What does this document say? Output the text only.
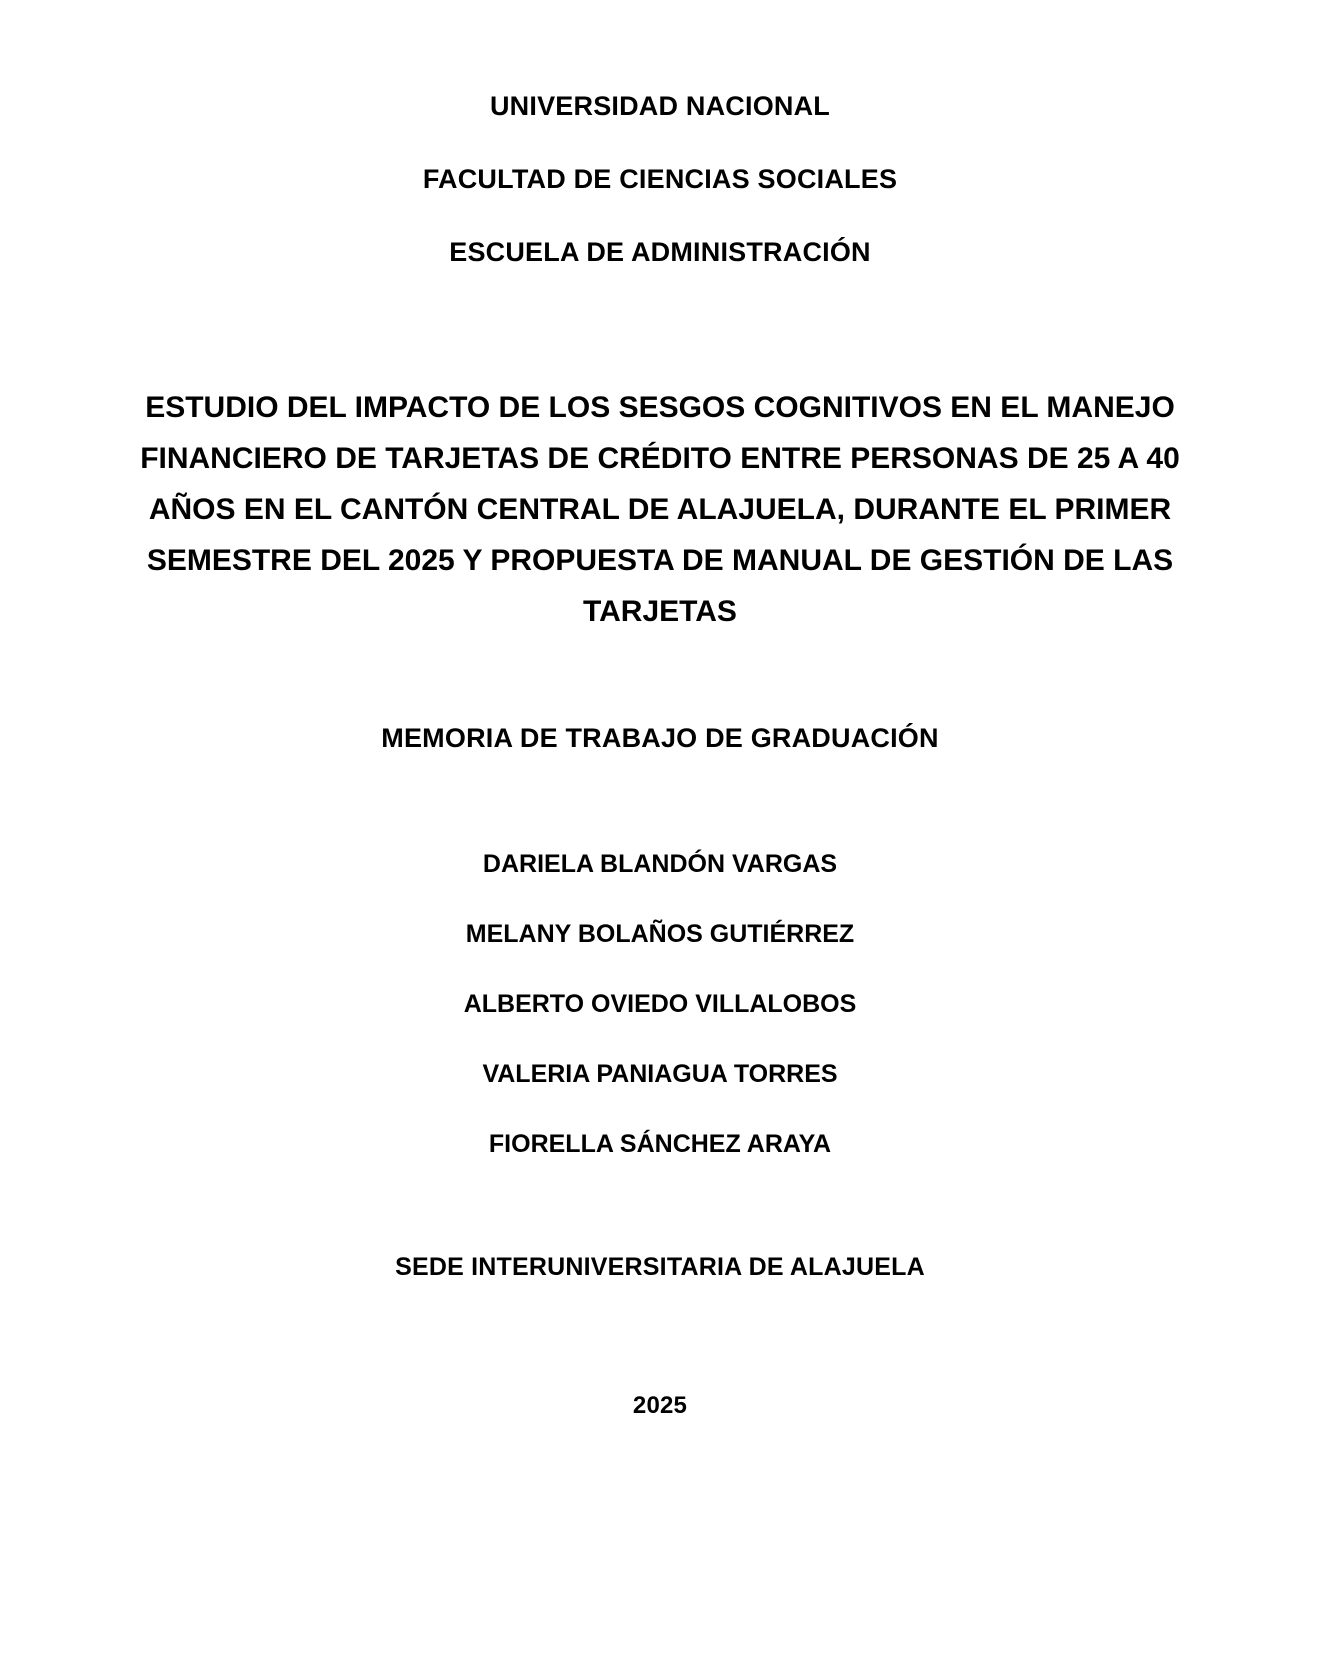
UNIVERSIDAD NACIONAL

FACULTAD DE CIENCIAS SOCIALES

ESCUELA DE ADMINISTRACIÓN

ESTUDIO DEL IMPACTO DE LOS SESGOS COGNITIVOS EN EL MANEJO FINANCIERO DE TARJETAS DE CRÉDITO ENTRE PERSONAS DE 25 A 40 AÑOS EN EL CANTÓN CENTRAL DE ALAJUELA, DURANTE EL PRIMER SEMESTRE DEL 2025 Y PROPUESTA DE MANUAL DE GESTIÓN DE LAS TARJETAS

MEMORIA DE TRABAJO DE GRADUACIÓN

DARIELA BLANDÓN VARGAS

MELANY BOLAÑOS GUTIÉRREZ

ALBERTO OVIEDO VILLALOBOS

VALERIA PANIAGUA TORRES

FIORELLA SÁNCHEZ ARAYA

SEDE INTERUNIVERSITARIA DE ALAJUELA

2025
